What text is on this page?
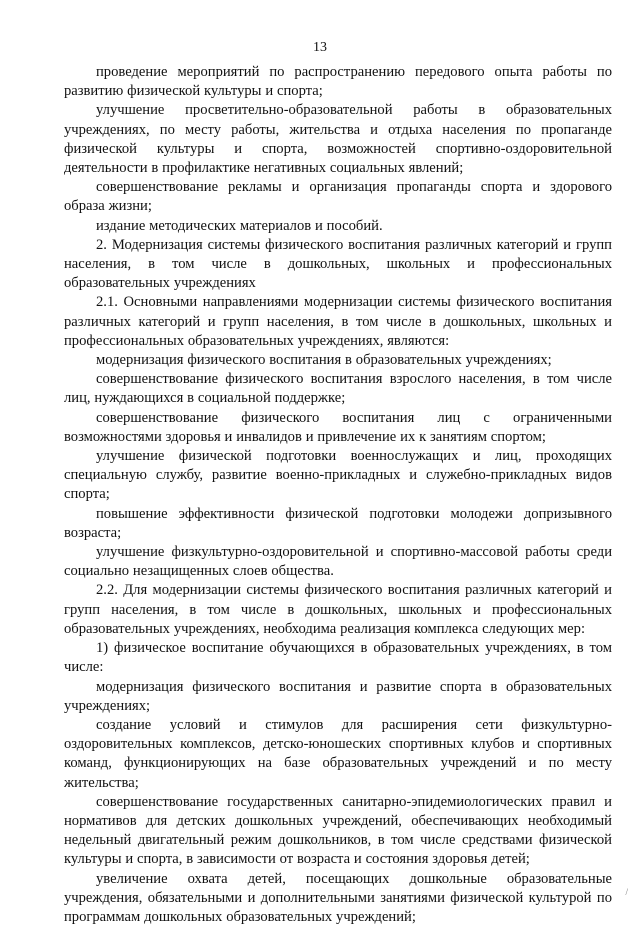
13

проведение мероприятий по распространению передового опыта работы по развитию физической культуры и спорта;

улучшение просветительно-образовательной работы в образовательных учреждениях, по месту работы, жительства и отдыха населения по пропаганде физической культуры и спорта, возможностей спортивно-оздоровительной деятельности в профилактике негативных социальных явлений;

совершенствование рекламы и организация пропаганды спорта и здорового образа жизни;

издание методических материалов и пособий.

2. Модернизация системы физического воспитания различных категорий и групп населения, в том числе в дошкольных, школьных и профессиональных образовательных учреждениях

2.1. Основными направлениями модернизации системы физического воспитания различных категорий и групп населения, в том числе в дошкольных, школьных и профессиональных образовательных учреждениях, являются:

модернизация физического воспитания в образовательных учреждениях;

совершенствование физического воспитания взрослого населения, в том числе лиц, нуждающихся в социальной поддержке;

совершенствование физического воспитания лиц с ограниченными возможностями здоровья и инвалидов и привлечение их к занятиям спортом;

улучшение физической подготовки военнослужащих и лиц, проходящих специальную службу, развитие военно-прикладных и служебно-прикладных видов спорта;

повышение эффективности физической подготовки молодежи допризывного возраста;

улучшение физкультурно-оздоровительной и спортивно-массовой работы среди социально незащищенных слоев общества.

2.2. Для модернизации системы физического воспитания различных категорий и групп населения, в том числе в дошкольных, школьных и профессиональных образовательных учреждениях, необходима реализация комплекса следующих мер:

1) физическое воспитание обучающихся в образовательных учреждениях, в том числе:

модернизация физического воспитания и развитие спорта в образовательных учреждениях;

создание условий и стимулов для расширения сети физкультурно-оздоровительных комплексов, детско-юношеских спортивных клубов и спортивных команд, функционирующих на базе образовательных учреждений и по месту жительства;

совершенствование государственных санитарно-эпидемиологических правил и нормативов для детских дошкольных учреждений, обеспечивающих необходимый недельный двигательный режим дошкольников, в том числе средствами физической культуры и спорта, в зависимости от возраста и состояния здоровья детей;

увеличение охвата детей, посещающих дошкольные образовательные учреждения, обязательными и дополнительными занятиями физической культурой по программам дошкольных образовательных учреждений;

/
